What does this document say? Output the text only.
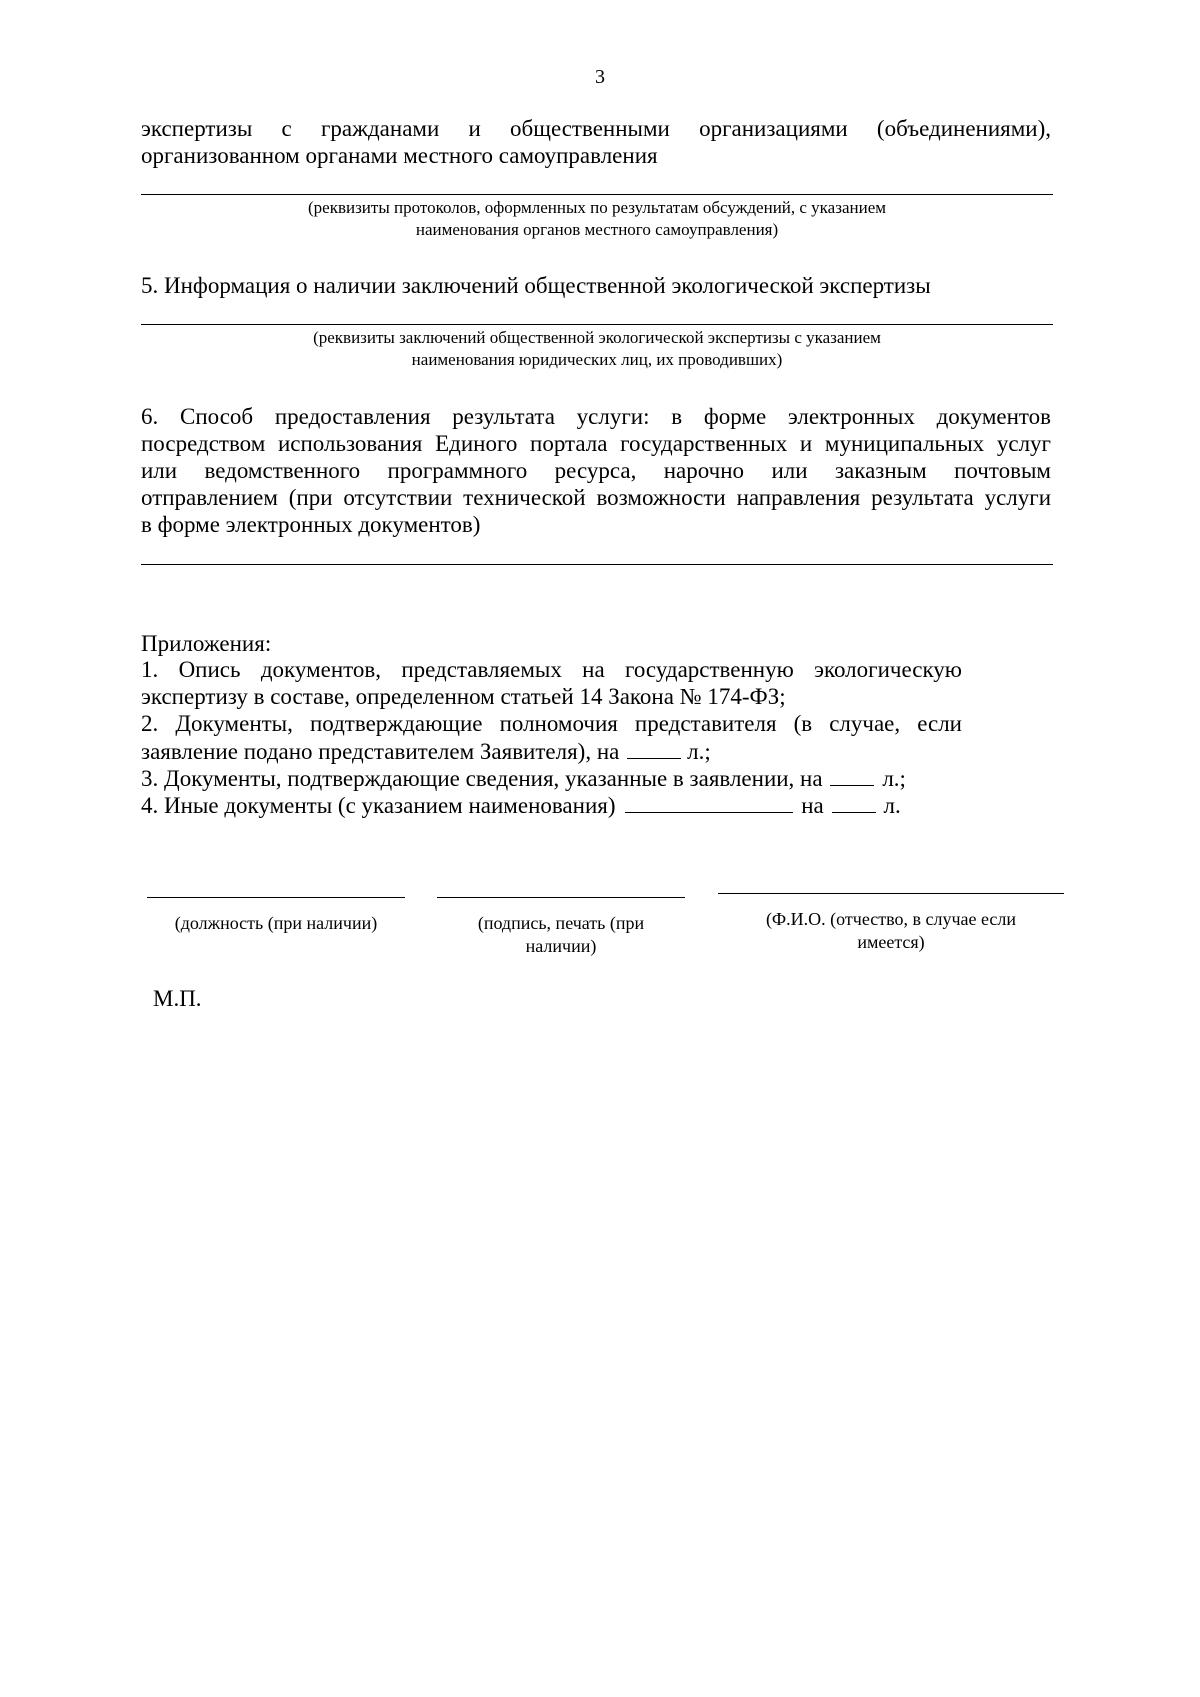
3
экспертизы с гражданами и общественными организациями (объединениями),
организованном органами местного самоуправления
(реквизиты протоколов, оформленных по результатам обсуждений, с указанием
наименования органов местного самоуправления)
5. Информация о наличии заключений общественной экологической экспертизы
(реквизиты заключений общественной экологической экспертизы с указанием
наименования юридических лиц, их проводивших)
6. Способ предоставления результата услуги: в форме электронных документов
посредством использования Единого портала государственных и муниципальных услуг
или ведомственного программного ресурса, нарочно или заказным почтовым
отправлением (при отсутствии технической возможности направления результата услуги
в форме электронных документов)
Приложения:
1. Опись документов, представляемых на государственную экологическую
экспертизу в составе, определенном статьей 14 Закона № 174-ФЗ;
2. Документы, подтверждающие полномочия представителя (в случае, если
заявление подано представителем Заявителя), на	л.;
3. Документы, подтверждающие сведения, указанные в заявлении, на	л.;
4. Иные документы (с указанием наименования)	на	л.
(должность (при наличии)	(подпись, печать (при
наличии)
(Ф.И.О. (отчество, в случае если
имеется)
М.П.
